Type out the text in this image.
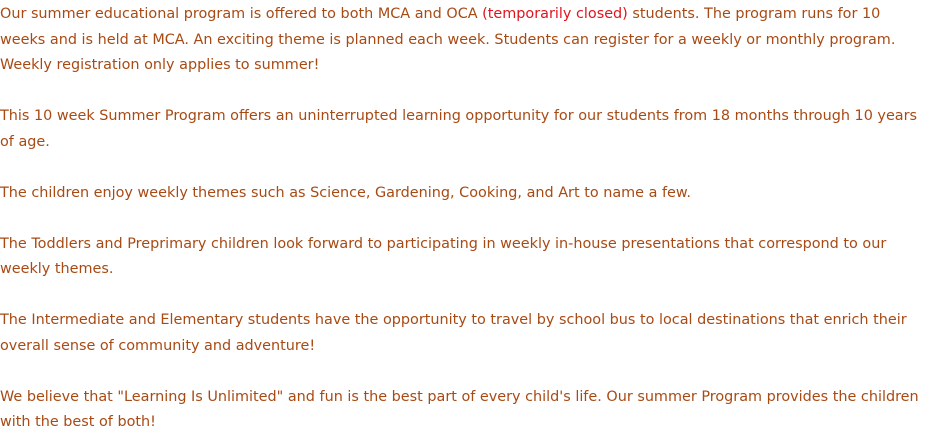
Our summer educational program is offered to both MCA and OCA (temporarily closed) students. The program runs for 10 weeks and is held at MCA. An exciting theme is planned each week. Students can register for a weekly or monthly program. Weekly registration only applies to summer!

This 10 week Summer Program offers an uninterrupted learning opportunity for our students from 18 months through 10 years of age.

The children enjoy weekly themes such as Science, Gardening, Cooking, and Art to name a few.

The Toddlers and Preprimary children look forward to participating in weekly in-house presentations that correspond to our weekly themes.

The Intermediate and Elementary students have the opportunity to travel by school bus to local destinations that enrich their overall sense of community and adventure!

We believe that "Learning Is Unlimited" and fun is the best part of every child's life. Our summer Program provides the children with the best of both!
